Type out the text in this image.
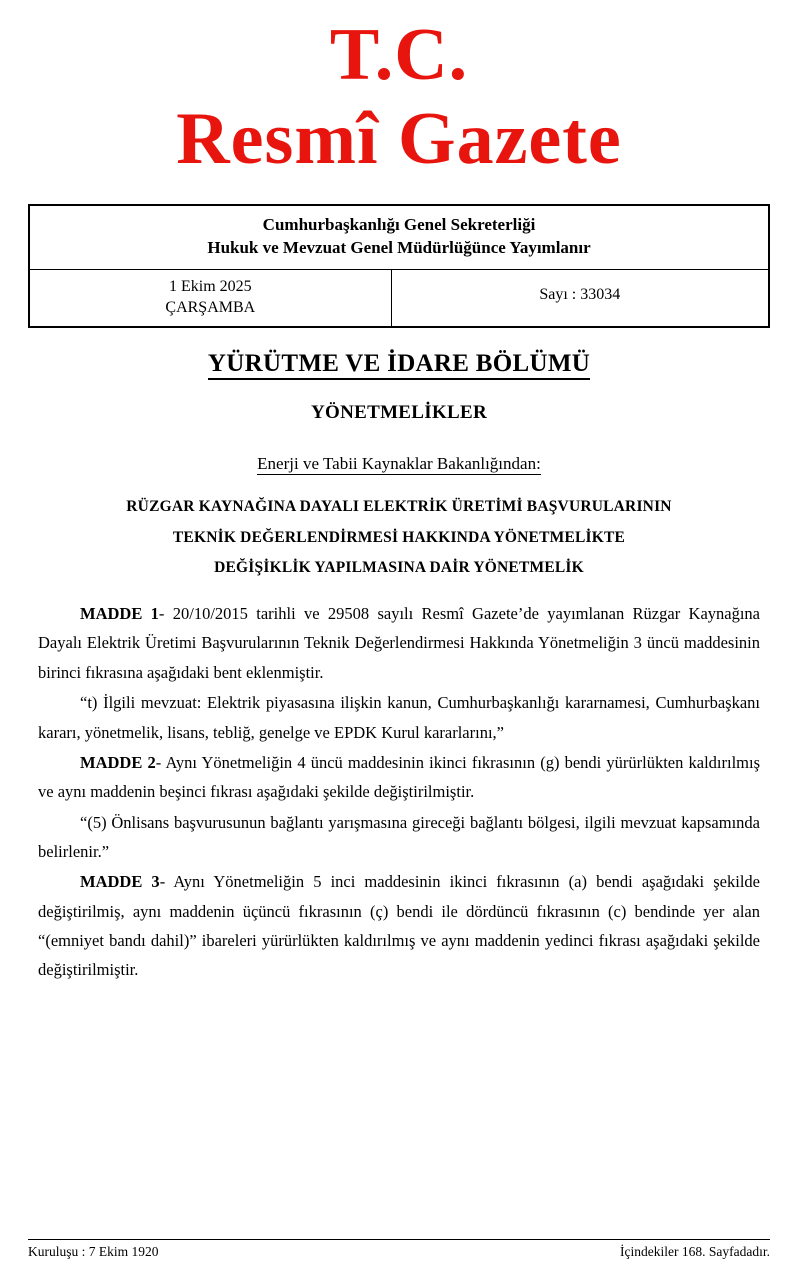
T.C.
Resmî Gazete
Cumhurbaşkanlığı Genel Sekreterliği
Hukuk ve Mevzuat Genel Müdürlüğünce Yayımlanır
1 Ekim 2025
ÇARŞAMBA
Sayı : 33034
YÜRÜTME VE İDARE BÖLÜMÜ
YÖNETMELİKLER
Enerji ve Tabii Kaynaklar Bakanlığından:
RÜZGAR KAYNAĞINA DAYALI ELEKTRİK ÜRETİMİ BAŞVURULARININ
TEKNİK DEĞERLENDİRMESİ HAKKINDA YÖNETMELİKTE
DEĞİŞİKLİK YAPILMASINA DAİR YÖNETMELİK

MADDE 1- 20/10/2015 tarihli ve 29508 sayılı Resmî Gazete’de yayımlanan Rüzgar Kaynağına Dayalı Elektrik Üretimi Başvurularının Teknik Değerlendirmesi Hakkında Yönetmeliğin 3 üncü maddesinin birinci fıkrasına aşağıdaki bent eklenmiştir.

“t) İlgili mevzuat: Elektrik piyasasına ilişkin kanun, Cumhurbaşkanlığı kararnamesi, Cumhurbaşkanı kararı, yönetmelik, lisans, tebliğ, genelge ve EPDK Kurul kararlarını,”

MADDE 2- Aynı Yönetmeliğin 4 üncü maddesinin ikinci fıkrasının (g) bendi yürürlükten kaldırılmış ve aynı maddenin beşinci fıkrası aşağıdaki şekilde değiştirilmiştir.

“(5) Önlisans başvurusunun bağlantı yarışmasına gireceği bağlantı bölgesi, ilgili mevzuat kapsamında belirlenir.”

MADDE 3- Aynı Yönetmeliğin 5 inci maddesinin ikinci fıkrasının (a) bendi aşağıdaki şekilde değiştirilmiş, aynı maddenin üçüncü fıkrasının (ç) bendi ile dördüncü fıkrasının (c) bendinde yer alan “(emniyet bandı dahil)” ibareleri yürürlükten kaldırılmış ve aynı maddenin yedinci fıkrası aşağıdaki şekilde değiştirilmiştir.

Kuruluşu : 7 Ekim 1920	İçindekiler 168. Sayfadadır.
